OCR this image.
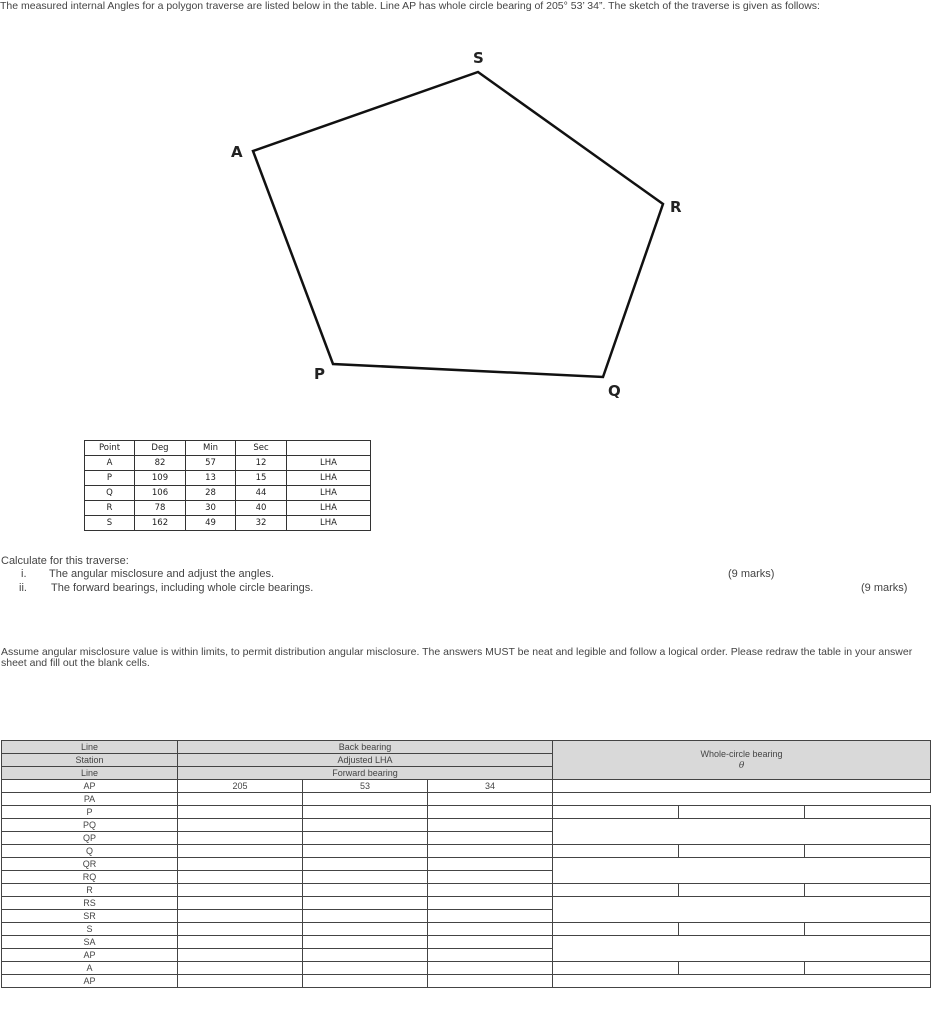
The measured internal Angles for a polygon traverse are listed below in the table. Line AP has whole circle bearing of 205° 53’ 34”. The sketch of the traverse is given as follows:
S
A
R
P
Q
Point	Deg	Min	Sec	
A	82	57	12	LHA
P	109	13	15	LHA
Q	106	28	44	LHA
R	78	30	40	LHA
S	162	49	32	LHA
Calculate for this traverse:
i. The angular misclosure and adjust the angles.	(9 marks)
ii. The forward bearings, including whole circle bearings.	(9 marks)
Assume angular misclosure value is within limits, to permit distribution angular misclosure. The answers MUST be neat and legible and follow a logical order. Please redraw the table in your answer sheet and fill out the blank cells.
Line	Back bearing			Whole-circle bearing
θ		

Station	Adjusted LHA					
Line	Forward bearing					
AP	205	53	34			
PA						
P						
PQ						
QP						
Q						
QR						
RQ						
R						
RS						
SR						
S						
SA						
AP						
A						
AP						
